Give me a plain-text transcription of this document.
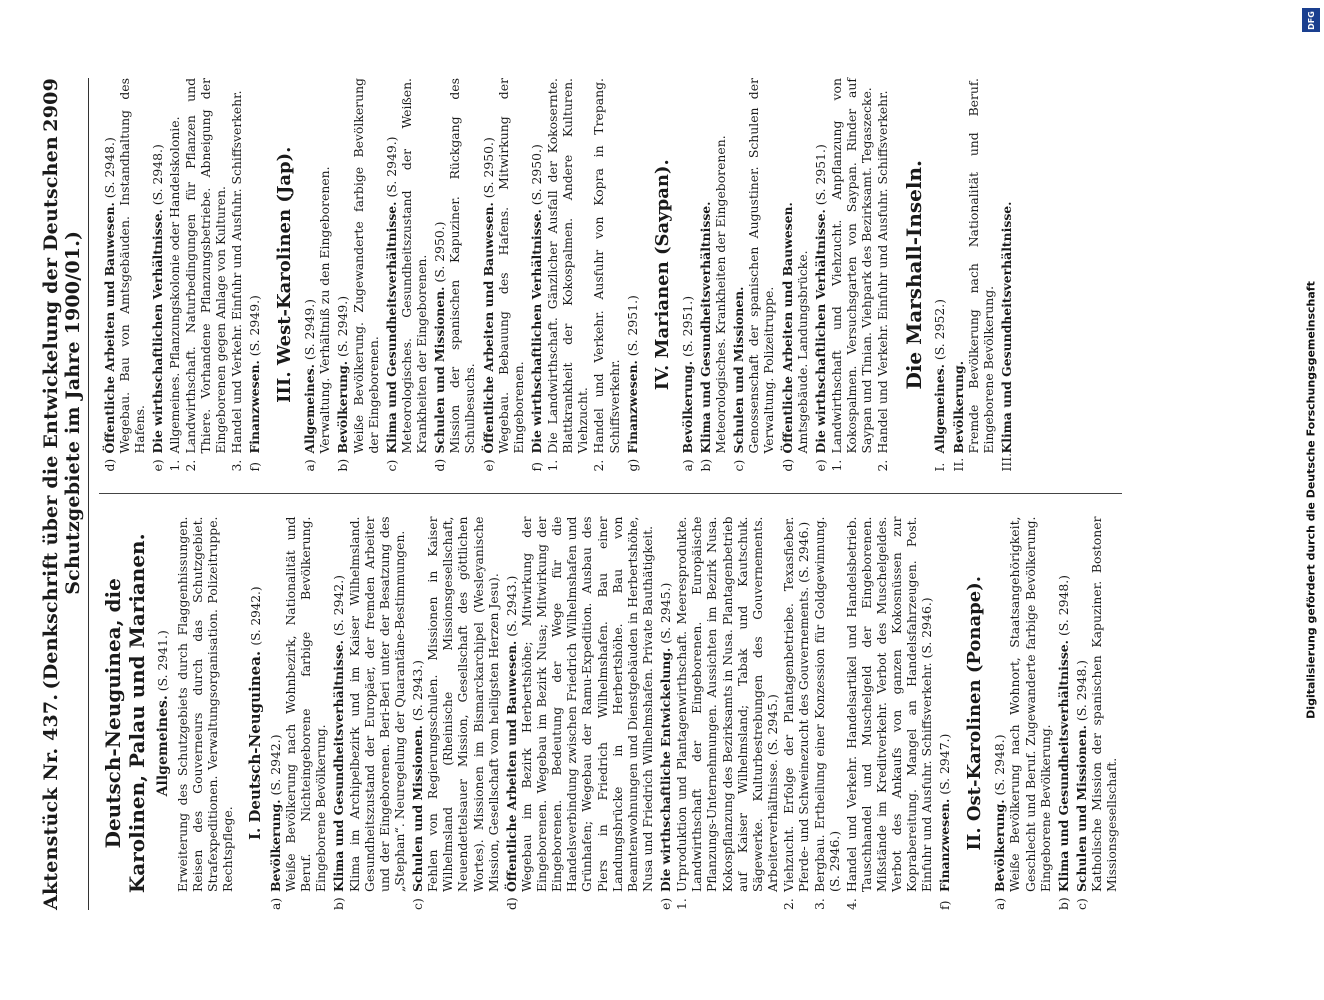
Aktenstück Nr. 437.
(Denkschrift über die Entwickelung der Deutschen Schutzgebiete im Jahre 1900/01.)
2909
Deutsch-Neuguinea, die Karolinen, Palau und Marianen. Allgemeines. (S. 2941.) Erweiterung des Schutzgebiets durch Flaggenhissungen. Reisen des Gouverneurs durch das Schutzgebiet. Strafexpeditionen. Verwaltungsorganisation. Polizeitruppe. Rechtspflege.
I. Deutsch-Neuguinea. (S. 2942.)
a)Bevölkerung. (S. 2942.) Weiße Bevölkerung nach Wohnbezirk, Nationalität und Beruf. Nichteingeborene farbige Bevölkerung. Eingeborene Bevölkerung.
b)Klima und Gesundheitsverhältnisse. (S. 2942.) Klima im Archipelbezirk und im Kaiser Wilhelmsland. Gesundheitszustand der Europäer, der fremden Arbeiter und der Eingeborenen. Beri-Beri unter der Besatzung des „Stephan“. Neuregelung der Quarantäne-Bestimmungen.
c)Schulen und Missionen. (S. 2943.) Fehlen von Regierungsschulen. Missionen in Kaiser Wilhelmsland (Rheinische Missionsgesellschaft, Neuendettelsauer Mission, Gesellschaft des göttlichen Wortes). Missionen im Bismarckarchipel (Wesleyanische Mission, Gesellschaft vom heiligsten Herzen Jesu).
d)Öffentliche Arbeiten und Bauwesen. (S. 2943.) Wegebau im Bezirk Herbertshöhe; Mitwirkung der Eingeborenen. Wegebau im Bezirk Nusa; Mitwirkung der Eingeborenen. Bedeutung der Wege für die Handelsverbindung zwischen Friedrich Wilhelmshafen und Grünhafen; Wegebau der Ramu-Expedition. Ausbau des Piers in Friedrich Wilhelmshafen. Bau einer Landungsbrücke in Herbertshöhe. Bau von Beamtenwohnungen und Dienstgebäuden in Herbertshöhe, Nusa und Friedrich Wilhelmshafen. Private Bauthätigkeit.
e)Die wirthschaftliche Entwickelung. (S. 2945.)
1.Urproduktion und Plantagenwirthschaft. Meeresprodukte. Landwirthschaft der Eingeborenen. Europäische Pflanzungs-Unternehmungen. Aussichten im Bezirk Nusa. Kokospflanzung des Bezirksamts in Nusa. Plantagenbetrieb auf Kaiser Wilhelmsland; Tabak und Kautschuk. Sägewerke. Kulturbestrebungen des Gouvernements. Arbeiterverhältnisse. (S. 2945.)
2.Viehzucht. Erfolge der Plantagenbetriebe. Texasfieber. Pferde- und Schweinezucht des Gouvernements. (S. 2946.)
3.Bergbau. Ertheilung einer Konzession für Goldgewinnung. (S. 2946.)
4.Handel und Verkehr. Handelsartikel und Handelsbetrieb. Tauschhandel und Muschelgeld der Eingeborenen. Mißstände im Kreditverkehr. Verbot des Muschelgeldes. Verbot des Ankaufs von ganzen Kokosnüssen zur Koprabereitung. Mangel an Handelsfahrzeugen. Post. Einfuhr und Ausfuhr. Schiffsverkehr. (S. 2946.)
f)Finanzwesen. (S. 2947.) II. Ost-Karolinen (Ponape).
a)Bevölkerung. (S. 2948.) Weiße Bevölkerung nach Wohnort, Staatsangehörigkeit, Geschlecht und Beruf. Zugewanderte farbige Bevölkerung. Eingeborene Bevölkerung.
b)Klima und Gesundheitsverhältnisse. (S. 2948.)
c)Schulen und Missionen. (S. 2948.) Katholische Mission der spanischen Kapuziner. Bostoner Missionsgesellschaft.
d)Öffentliche Arbeiten und Bauwesen. (S. 2948.) Wegebau. Bau von Amtsgebäuden. Instandhaltung des Hafens.
e)Die wirthschaftlichen Verhältnisse. (S. 2948.)
1.Allgemeines. Pflanzungskolonie oder Handelskolonie.
2.Landwirthschaft. Naturbedingungen für Pflanzen und Thiere. Vorhandene Pflanzungsbetriebe. Abneigung der Eingeborenen gegen Anlage von Kulturen.
3.Handel und Verkehr. Einfuhr und Ausfuhr. Schiffsverkehr.
f)Finanzwesen. (S. 2949.) III. West-Karolinen (Jap).
a)Allgemeines. (S. 2949.) Verwaltung. Verhältniß zu den Eingeborenen.
b)Bevölkerung. (S. 2949.) Weiße Bevölkerung. Zugewanderte farbige Bevölkerung der Eingeborenen.
c)Klima und Gesundheitsverhältnisse. (S. 2949.) Meteorologisches. Gesundheitszustand der Weißen. Krankheiten der Eingeborenen.
d)Schulen und Missionen. (S. 2950.) Mission der spanischen Kapuziner. Rückgang des Schulbesuchs.
e)Öffentliche Arbeiten und Bauwesen. (S. 2950.) Wegebau. Bebauung des Hafens. Mitwirkung der Eingeborenen.
f)Die wirthschaftlichen Verhältnisse. (S. 2950.)
1.Die Landwirthschaft. Gänzlicher Ausfall der Kokosernte. Blattkrankheit der Kokospalmen. Andere Kulturen. Viehzucht.
2.Handel und Verkehr. Ausfuhr von Kopra in Trepang. Schiffsverkehr.
g)Finanzwesen. (S. 2951.) IV. Marianen (Saypan).
a)Bevölkerung. (S. 2951.)
b)Klima und Gesundheitsverhältnisse. Meteorologisches. Krankheiten der Eingeborenen.
c)Schulen und Missionen. Genossenschaft der spanischen Augustiner. Schulen der Verwaltung. Polizeitruppe.
d)Öffentliche Arbeiten und Bauwesen. Amtsgebäude. Landungsbrücke.
e)Die wirthschaftlichen Verhältnisse. (S. 2951.)
1.Landwirthschaft und Viehzucht. Anpflanzung von Kokospalmen. Versuchsgarten von Saypan. Rinder auf Saypan und Tinian. Viehpark des Bezirksamt. Tegaszecke.
2.Handel und Verkehr. Einfuhr und Ausfuhr. Schiffsverkehr. Die Marshall-Inseln.
I.Allgemeines. (S. 2952.)
II.Bevölkerung. Fremde Bevölkerung nach Nationalität und Beruf. Eingeborene Bevölkerung.
III.Klima und Gesundheitsverhältnisse.
DFG
Digitalisierung gefördert durch die Deutsche Forschungsgemeinschaft
